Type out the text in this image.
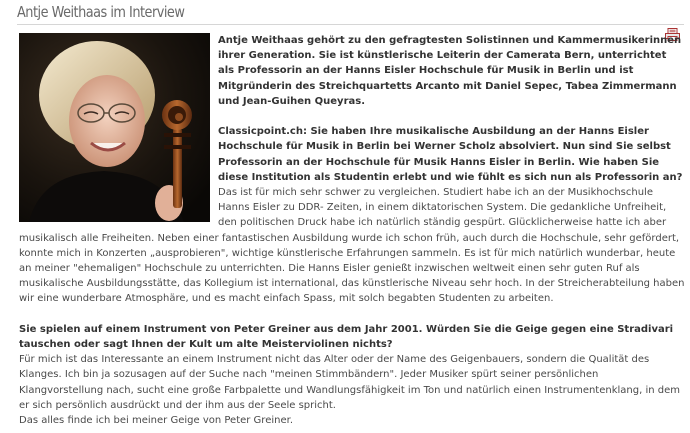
Antje Weithaas im Interview

Antje Weithaas gehört zu den gefragtesten Solistinnen und Kammermusikerinnen ihrer Generation. Sie ist künstlerische Leiterin der Camerata Bern, unterrichtet als Professorin an der Hanns Eisler Hochschule für Musik in Berlin und ist Mitgründerin des Streichquartetts Arcanto mit Daniel Sepec, Tabea Zimmermann und Jean-Guihen Queyras.

Classicpoint.ch: Sie haben Ihre musikalische Ausbildung an der Hanns Eisler Hochschule für Musik in Berlin bei Werner Scholz absolviert. Nun sind Sie selbst Professorin an der Hochschule für Musik Hanns Eisler in Berlin. Wie haben Sie diese Institution als Studentin erlebt und wie fühlt es sich nun als Professorin an?

Das ist für mich sehr schwer zu vergleichen. Studiert habe ich an der Musikhochschule Hanns Eisler zu DDR- Zeiten, in einem diktatorischen System. Die gedankliche Unfreiheit, den politischen Druck habe ich natürlich ständig gespürt. Glücklicherweise hatte ich aber musikalisch alle Freiheiten. Neben einer fantastischen Ausbildung wurde ich schon früh, auch durch die Hochschule, sehr gefördert, konnte mich in Konzerten „ausprobieren", wichtige künstlerische Erfahrungen sammeln. Es ist für mich natürlich wunderbar, heute an meiner "ehemaligen" Hochschule zu unterrichten. Die Hanns Eisler genießt inzwischen weltweit einen sehr guten Ruf als musikalische Ausbildungsstätte, das Kollegium ist international, das künstlerische Niveau sehr hoch. In der Streicherabteilung haben wir eine wunderbare Atmosphäre, und es macht einfach Spass, mit solch begabten Studenten zu arbeiten.

Sie spielen auf einem Instrument von Peter Greiner aus dem Jahr 2001. Würden Sie die Geige gegen eine Stradivari tauschen oder sagt Ihnen der Kult um alte Meisterviolinen nichts?

Für mich ist das Interessante an einem Instrument nicht das Alter oder der Name des Geigenbauers, sondern die Qualität des Klanges. Ich bin ja sozusagen auf der Suche nach "meinen Stimmbändern". Jeder Musiker spürt seiner persönlichen Klangvorstellung nach, sucht eine große Farbpalette und Wandlungsfähigkeit im Ton und natürlich einen Instrumentenklang, in dem er sich persönlich ausdrückt und der ihm aus der Seele spricht.

Das alles finde ich bei meiner Geige von Peter Greiner.
